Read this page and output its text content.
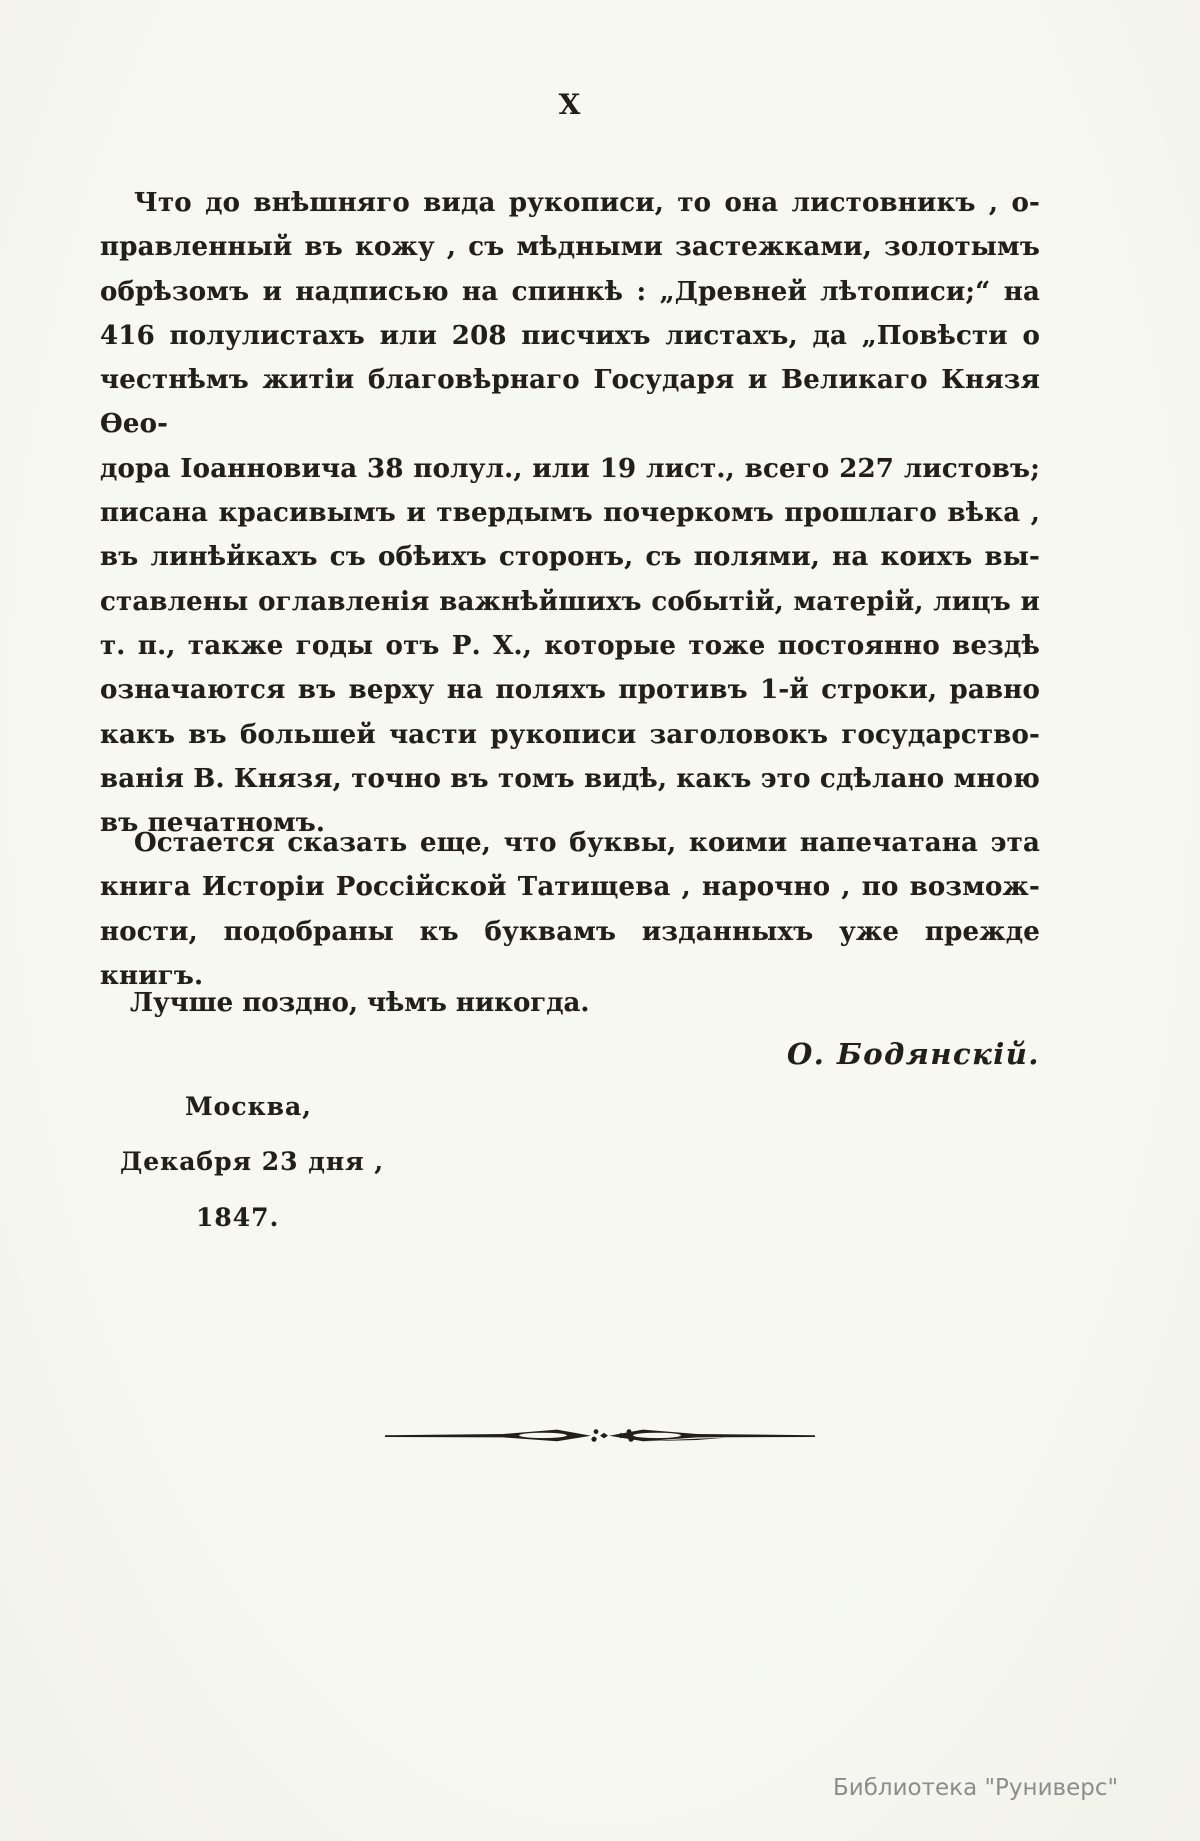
X
Что до внѣшняго вида рукописи, то она листовникъ , о-
правленный въ кожу , съ мѣдными застежками, золотымъ
обрѣзомъ и надписью на спинкѣ : „Древней лѣтописи;“ на
416 полулистахъ или 208 писчихъ листахъ, да „Повѣсти о
честнѣмъ житіи благовѣрнаго Государя и Великаго Князя Ѳео-
дора Іоанновича 38 полул., или 19 лист., всего 227 листовъ;
писана красивымъ и твердымъ почеркомъ прошлаго вѣка ,
въ линѣйкахъ съ обѣихъ сторонъ, съ полями, на коихъ вы-
ставлены оглавленія важнѣйшихъ событій, матерій, лицъ и
т. п., также годы отъ Р. Х., которые тоже постоянно вездѣ
означаются въ верху на поляхъ противъ 1-й строки, равно
какъ въ большей части рукописи заголовокъ государство-
ванія В. Князя, точно въ томъ видѣ, какъ это сдѣлано мною
въ печатномъ.
Остается сказать еще, что буквы, коими напечатана эта
книга Исторіи Россійской Татищева , нарочно , по возмож-
ности, подобраны къ буквамъ изданныхъ уже прежде книгъ.
Лучше поздно, чѣмъ никогда.
О. Бодянскій.
Москва,
Декабря 23 дня ,
1847.
Библиотека "Руниверс"
